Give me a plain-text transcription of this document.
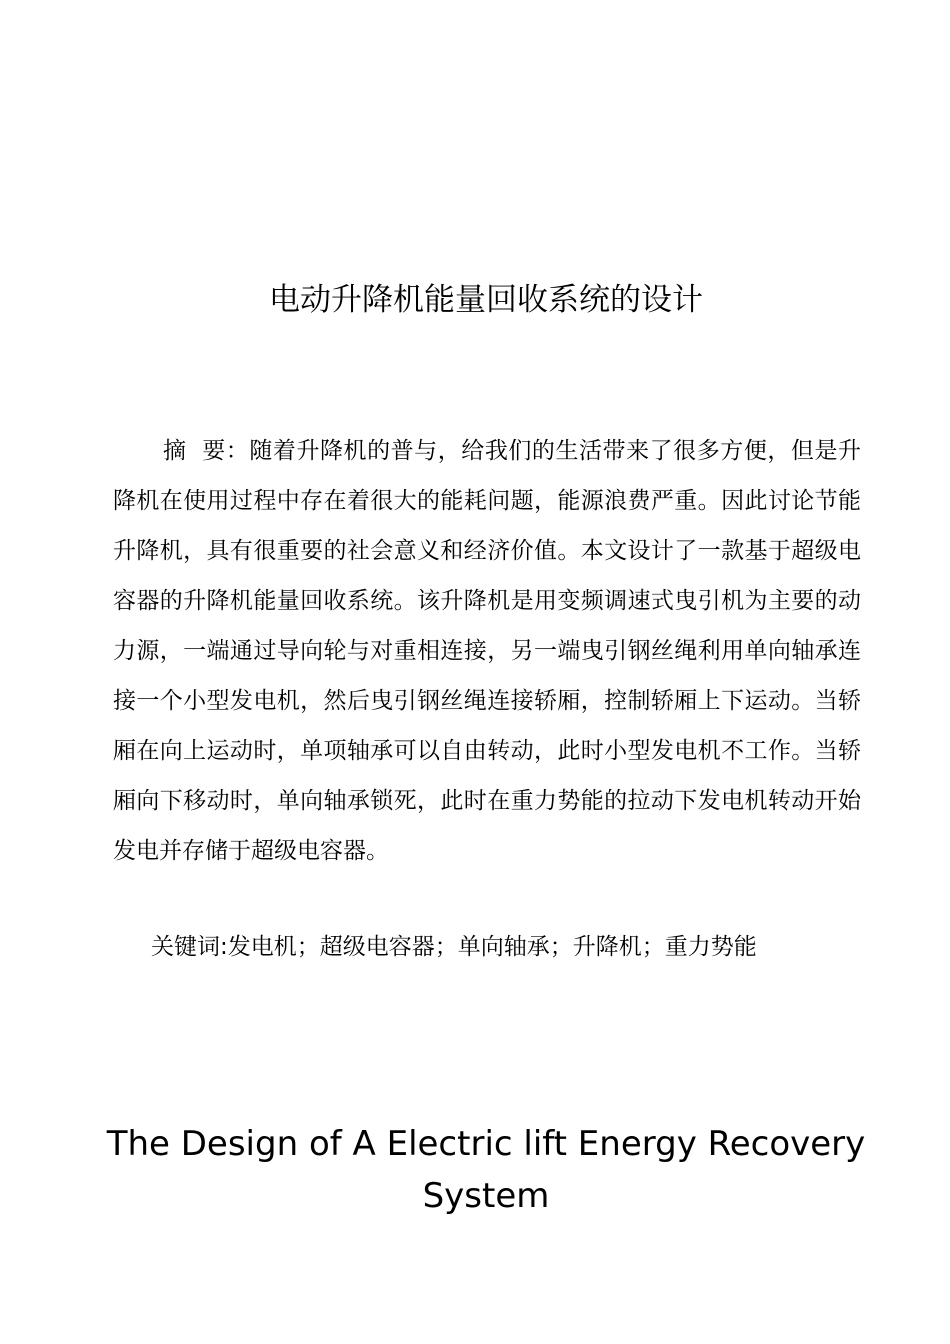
电动升降机能量回收系统的设计

摘  要：随着升降机的普与，给我们的生活带来了很多方便，但是升降机在使用过程中存在着很大的能耗问题，能源浪费严重。因此讨论节能升降机，具有很重要的社会意义和经济价值。本文设计了一款基于超级电容器的升降机能量回收系统。该升降机是用变频调速式曳引机为主要的动力源，一端通过导向轮与对重相连接，另一端曳引钢丝绳利用单向轴承连接一个小型发电机，然后曳引钢丝绳连接轿厢，控制轿厢上下运动。当轿厢在向上运动时，单项轴承可以自由转动，此时小型发电机不工作。当轿厢向下移动时，单向轴承锁死，此时在重力势能的拉动下发电机转动开始发电并存储于超级电容器。

关键词:发电机；超级电容器；单向轴承；升降机；重力势能

The Design of A Electric lift Energy Recovery System
